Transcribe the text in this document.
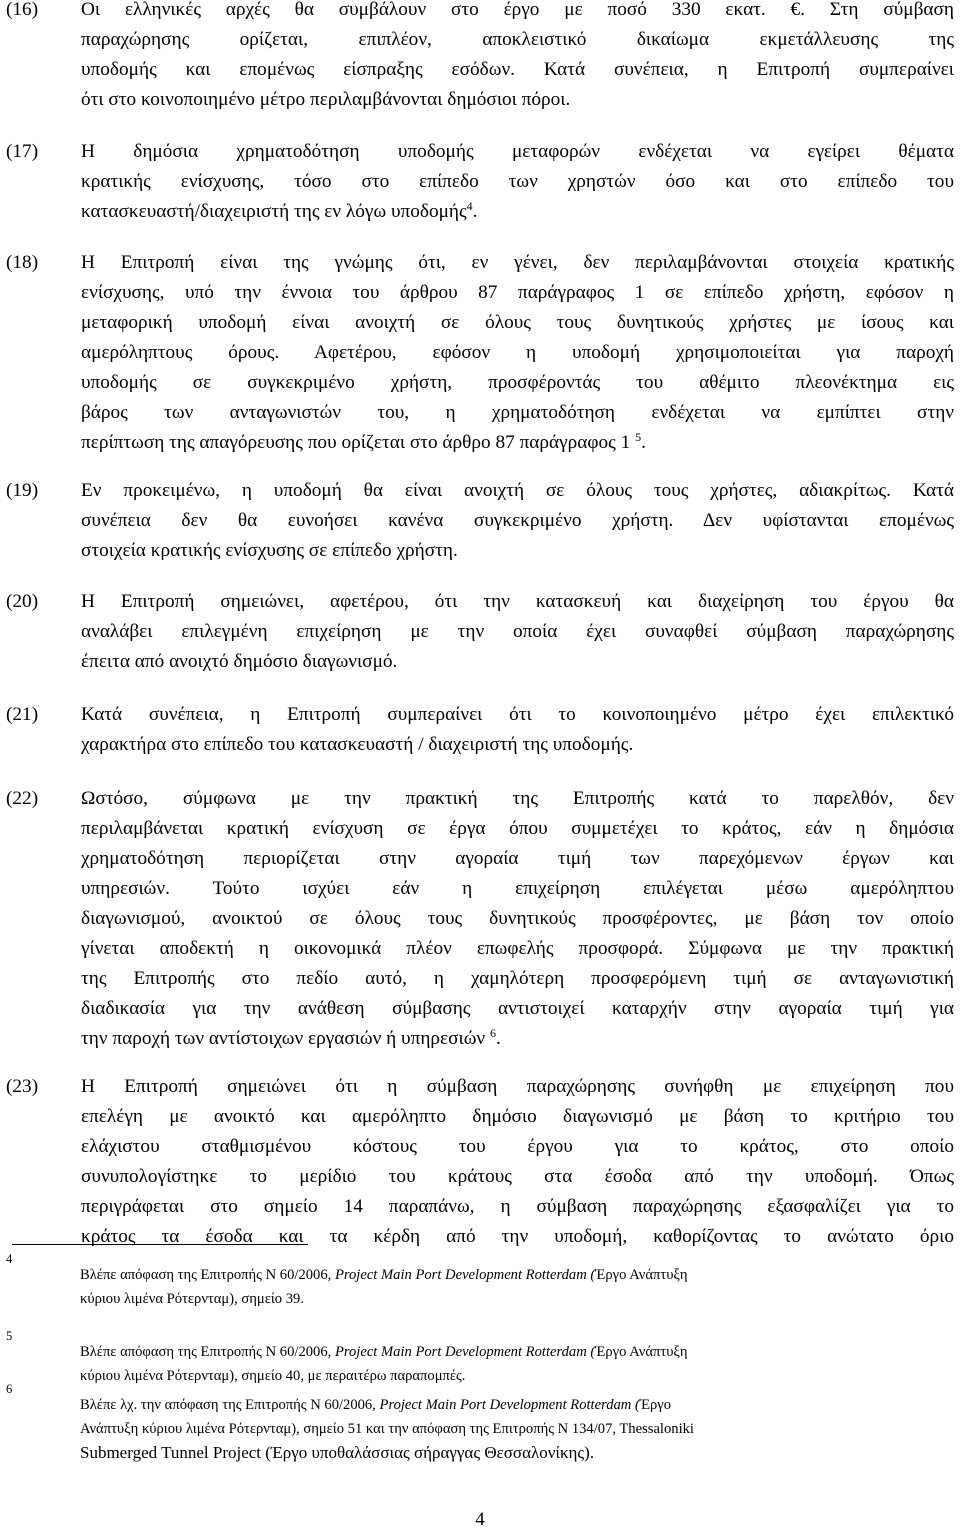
(16)	Οι ελληνικές αρχές θα συμβάλουν στο έργο με ποσό 330 εκατ. €. Στη σύμβαση
παραχώρησης ορίζεται, επιπλέον, αποκλειστικό δικαίωμα εκμετάλλευσης της
υποδομής και επομένως είσπραξης εσόδων. Κατά συνέπεια, η Επιτροπή συμπεραίνει
ότι στο κοινοποιημένο μέτρο περιλαμβάνονται δημόσιοι πόροι.
(17)	Η δημόσια χρηματοδότηση υποδομής μεταφορών ενδέχεται να εγείρει θέματα
κρατικής ενίσχυσης, τόσο στο επίπεδο των χρηστών όσο και στο επίπεδο του
κατασκευαστή/διαχειριστή της εν λόγω υποδομής$^4$.
(18)	Η Επιτροπή είναι της γνώμης ότι, εν γένει, δεν περιλαμβάνονται στοιχεία κρατικής
ενίσχυσης, υπό την έννοια του άρθρου 87 παράγραφος 1 σε επίπεδο χρήστη, εφόσον η
μεταφορική υποδομή είναι ανοιχτή σε όλους τους δυνητικούς χρήστες με ίσους και
αμερόληπτους όρους. Αφετέρου, εφόσον η υποδομή χρησιμοποιείται για παροχή
υποδομής σε συγκεκριμένο χρήστη, προσφέροντάς του αθέμιτο πλεονέκτημα εις
βάρος των ανταγωνιστών του, η χρηματοδότηση ενδέχεται να εμπίπτει στην
περίπτωση της απαγόρευσης που ορίζεται στο άρθρο 87 παράγραφος 1 $^5$.
(19)	Εν προκειμένω, η υποδομή θα είναι ανοιχτή σε όλους τους χρήστες, αδιακρίτως. Κατά
συνέπεια δεν θα ευνοήσει κανένα συγκεκριμένο χρήστη. Δεν υφίστανται επομένως
στοιχεία κρατικής ενίσχυσης σε επίπεδο χρήστη.
(20)	Η Επιτροπή σημειώνει, αφετέρου, ότι την κατασκευή και διαχείρηση του έργου θα
αναλάβει επιλεγμένη επιχείρηση με την οποία έχει συναφθεί σύμβαση παραχώρησης
έπειτα από ανοιχτό δημόσιο διαγωνισμό.
(21)	Κατά συνέπεια, η Επιτροπή συμπεραίνει ότι το κοινοποιημένο μέτρο έχει επιλεκτικό
χαρακτήρα στο επίπεδο του κατασκευαστή / διαχειριστή της υποδομής.
(22)	Ωστόσο, σύμφωνα με την πρακτική της Επιτροπής κατά το παρελθόν, δεν
περιλαμβάνεται κρατική ενίσχυση σε έργα όπου συμμετέχει το κράτος, εάν η δημόσια
χρηματοδότηση περιορίζεται στην αγοραία τιμή των παρεχόμενων έργων και
υπηρεσιών. Τούτο ισχύει εάν η επιχείρηση επιλέγεται μέσω αμερόληπτου
διαγωνισμού, ανοικτού σε όλους τους δυνητικούς προσφέροντες, με βάση τον οποίο
γίνεται αποδεκτή η οικονομικά πλέον επωφελής προσφορά. Σύμφωνα με την πρακτική
της Επιτροπής στο πεδίο αυτό, η χαμηλότερη προσφερόμενη τιμή σε ανταγωνιστική
διαδικασία για την ανάθεση σύμβασης αντιστοιχεί καταρχήν στην αγοραία τιμή για
την παροχή των αντίστοιχων εργασιών ή υπηρεσιών $^6$.
(23)	Η Επιτροπή σημειώνει ότι η σύμβαση παραχώρησης συνήφθη με επιχείρηση που
επελέγη με ανοικτό και αμερόληπτο δημόσιο διαγωνισμό με βάση το κριτήριο του
ελάχιστου σταθμισμένου κόστους του έργου για το κράτος, στο οποίο
συνυπολογίστηκε το μερίδιο του κράτους στα έσοδα από την υποδομή. Όπως
περιγράφεται στο σημείο 14 παραπάνω, η σύμβαση παραχώρησης εξασφαλίζει για το
κράτος τα έσοδα και τα κέρδη από την υποδομή, καθορίζοντας το ανώτατο όριο
4
Βλέπε απόφαση της Επιτροπής N 60/2006, Project Main Port Development Rotterdam (Έργο Ανάπτυξη
κύριου λιμένα Ρότερνταμ), σημείο 39.
5
Βλέπε απόφαση της Επιτροπής N 60/2006, Project Main Port Development Rotterdam (Έργο Ανάπτυξη
κύριου λιμένα Ρότερνταμ), σημείο 40, με περαιτέρω παραπομπές.
6
Βλέπε λχ. την απόφαση της Επιτροπής N 60/2006, Project Main Port Development Rotterdam (Έργο
Ανάπτυξη κύριου λιμένα Ρότερνταμ), σημείο 51 και την απόφαση της Επιτροπής N 134/07, Thessaloniki
Submerged Tunnel Project (Έργο υποθαλάσσιας σήραγγας Θεσσαλονίκης).
4
